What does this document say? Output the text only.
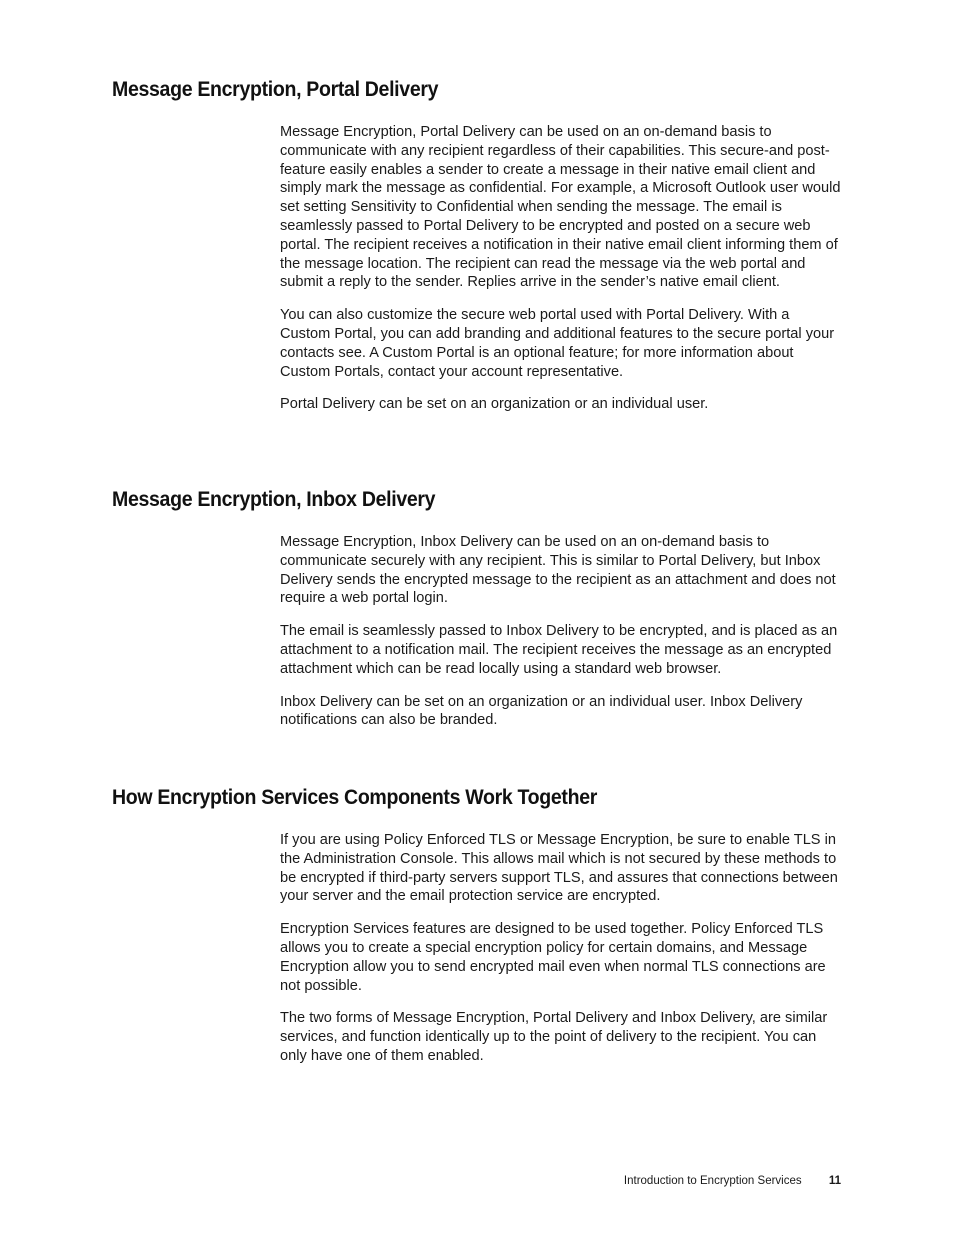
Message Encryption, Portal Delivery

Message Encryption, Portal Delivery can be used on an on-demand basis to communicate with any recipient regardless of their capabilities. This secure-and post-feature easily enables a sender to create a message in their native email client and simply mark the message as confidential. For example, a Microsoft Outlook user would set setting Sensitivity to Confidential when sending the message. The email is seamlessly passed to Portal Delivery to be encrypted and posted on a secure web portal. The recipient receives a notification in their native email client informing them of the message location. The recipient can read the message via the web portal and submit a reply to the sender. Replies arrive in the sender’s native email client.

You can also customize the secure web portal used with Portal Delivery. With a Custom Portal, you can add branding and additional features to the secure portal your contacts see. A Custom Portal is an optional feature; for more information about Custom Portals, contact your account representative.

Portal Delivery can be set on an organization or an individual user.

Message Encryption, Inbox Delivery

Message Encryption, Inbox Delivery can be used on an on-demand basis to communicate securely with any recipient. This is similar to Portal Delivery, but Inbox Delivery sends the encrypted message to the recipient as an attachment and does not require a web portal login.

The email is seamlessly passed to Inbox Delivery to be encrypted, and is placed as an attachment to a notification mail. The recipient receives the message as an encrypted attachment which can be read locally using a standard web browser.

Inbox Delivery can be set on an organization or an individual user. Inbox Delivery notifications can also be branded.

How Encryption Services Components Work Together

If you are using Policy Enforced TLS or Message Encryption, be sure to enable TLS in the Administration Console. This allows mail which is not secured by these methods to be encrypted if third-party servers support TLS, and assures that connections between your server and the email protection service are encrypted.

Encryption Services features are designed to be used together. Policy Enforced TLS allows you to create a special encryption policy for certain domains, and Message Encryption allow you to send encrypted mail even when normal TLS connections are not possible.

The two forms of Message Encryption, Portal Delivery and Inbox Delivery, are similar services, and function identically up to the point of delivery to the recipient. You can only have one of them enabled.

Introduction to Encryption Services 11
